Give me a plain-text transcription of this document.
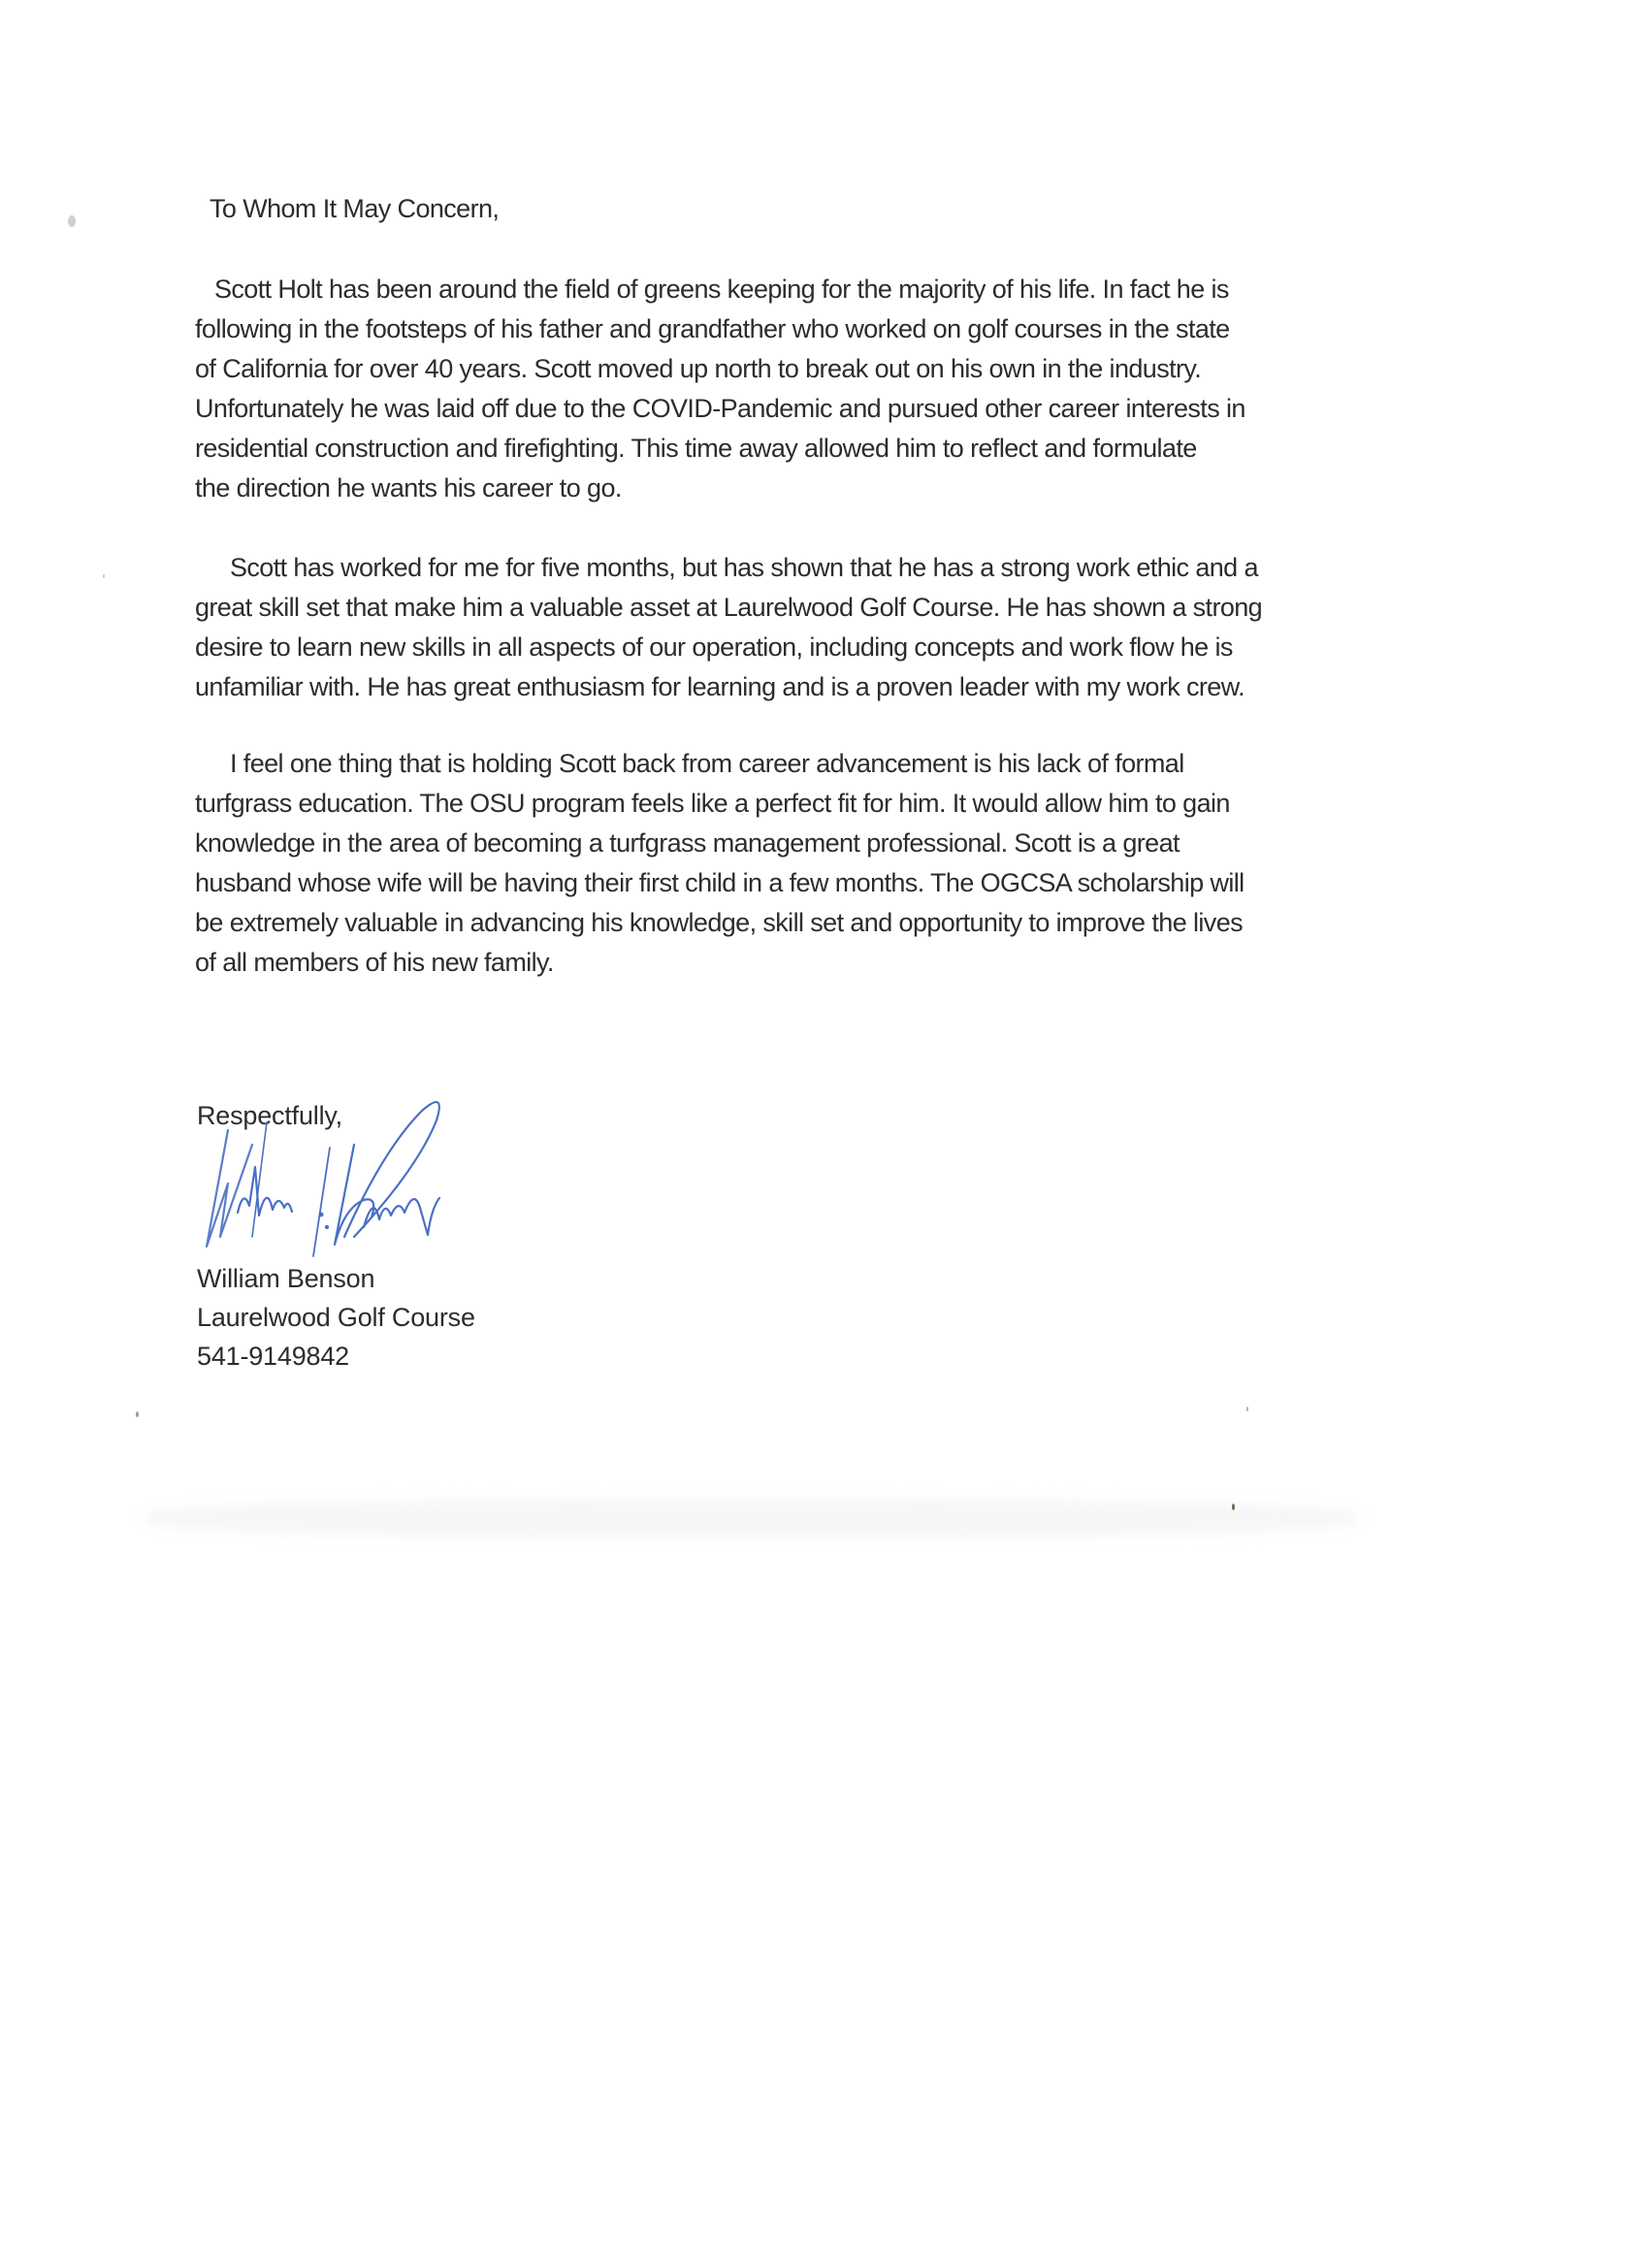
To Whom It May Concern,
Scott Holt has been around the field of greens keeping for the majority of his life. In fact he is
following in the footsteps of his father and grandfather who worked on golf courses in the state
of California for over 40 years. Scott moved up north to break out on his own in the industry.
Unfortunately he was laid off due to the COVID-Pandemic and pursued other career interests in
residential construction and firefighting. This time away allowed him to reflect and formulate
the direction he wants his career to go.
Scott has worked for me for five months, but has shown that he has a strong work ethic and a
great skill set that make him a valuable asset at Laurelwood Golf Course. He has shown a strong
desire to learn new skills in all aspects of our operation, including concepts and work flow he is
unfamiliar with. He has great enthusiasm for learning and is a proven leader with my work crew.
I feel one thing that is holding Scott back from career advancement is his lack of formal
turfgrass education. The OSU program feels like a perfect fit for him. It would allow him to gain
knowledge in the area of becoming a turfgrass management professional. Scott is a great
husband whose wife will be having their first child in a few months. The OGCSA scholarship will
be extremely valuable in advancing his knowledge, skill set and opportunity to improve the lives
of all members of his new family.
Respectfully,
William Benson
Laurelwood Golf Course
541-9149842
